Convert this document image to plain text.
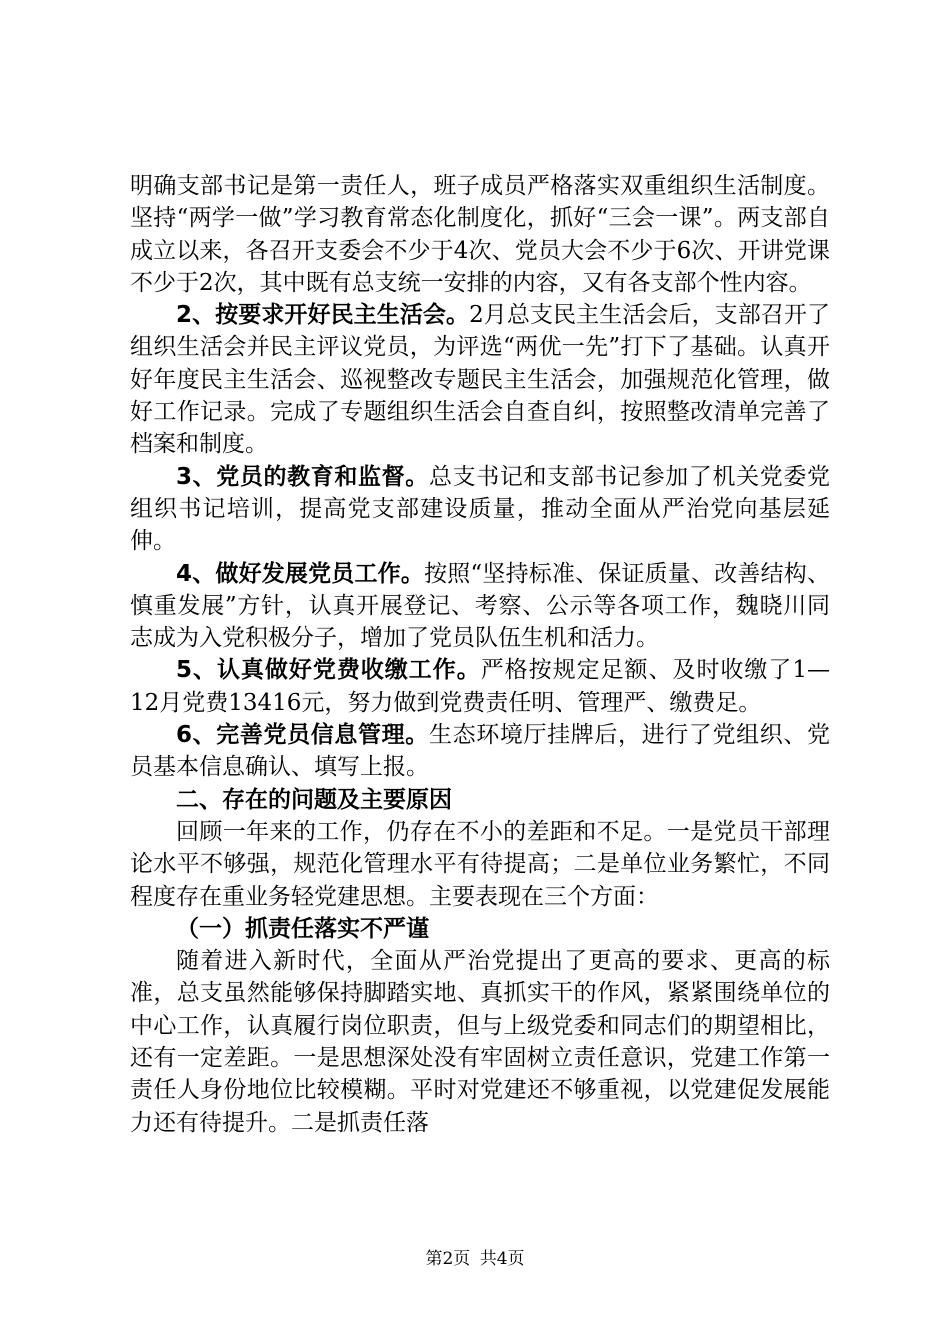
明确支部书记是第一责任人，班子成员严格落实双重组织生活制度。坚持“两学一做”学习教育常态化制度化，抓好“三会一课”。两支部自成立以来，各召开支委会不少于4次、党员大会不少于6次、开讲党课不少于2次，其中既有总支统一安排的内容，又有各支部个性内容。

2、按要求开好民主生活会。2月总支民主生活会后，支部召开了组织生活会并民主评议党员，为评选“两优一先”打下了基础。认真开好年度民主生活会、巡视整改专题民主生活会，加强规范化管理，做好工作记录。完成了专题组织生活会自查自纠，按照整改清单完善了档案和制度。

3、党员的教育和监督。总支书记和支部书记参加了机关党委党组织书记培训，提高党支部建设质量，推动全面从严治党向基层延伸。

4、做好发展党员工作。按照“坚持标准、保证质量、改善结构、慎重发展”方针，认真开展登记、考察、公示等各项工作，魏晓川同志成为入党积极分子，增加了党员队伍生机和活力。

5、认真做好党费收缴工作。严格按规定足额、及时收缴了1—12月党费13416元，努力做到党费责任明、管理严、缴费足。

6、完善党员信息管理。生态环境厅挂牌后，进行了党组织、党员基本信息确认、填写上报。

二、存在的问题及主要原因

回顾一年来的工作，仍存在不小的差距和不足。一是党员干部理论水平不够强，规范化管理水平有待提高；二是单位业务繁忙，不同程度存在重业务轻党建思想。主要表现在三个方面：

（一）抓责任落实不严谨

随着进入新时代，全面从严治党提出了更高的要求、更高的标准，总支虽然能够保持脚踏实地、真抓实干的作风，紧紧围绕单位的中心工作，认真履行岗位职责，但与上级党委和同志们的期望相比，还有一定差距。一是思想深处没有牢固树立责任意识，党建工作第一责任人身份地位比较模糊。平时对党建还不够重视，以党建促发展能力还有待提升。二是抓责任落

第2页 共4页
